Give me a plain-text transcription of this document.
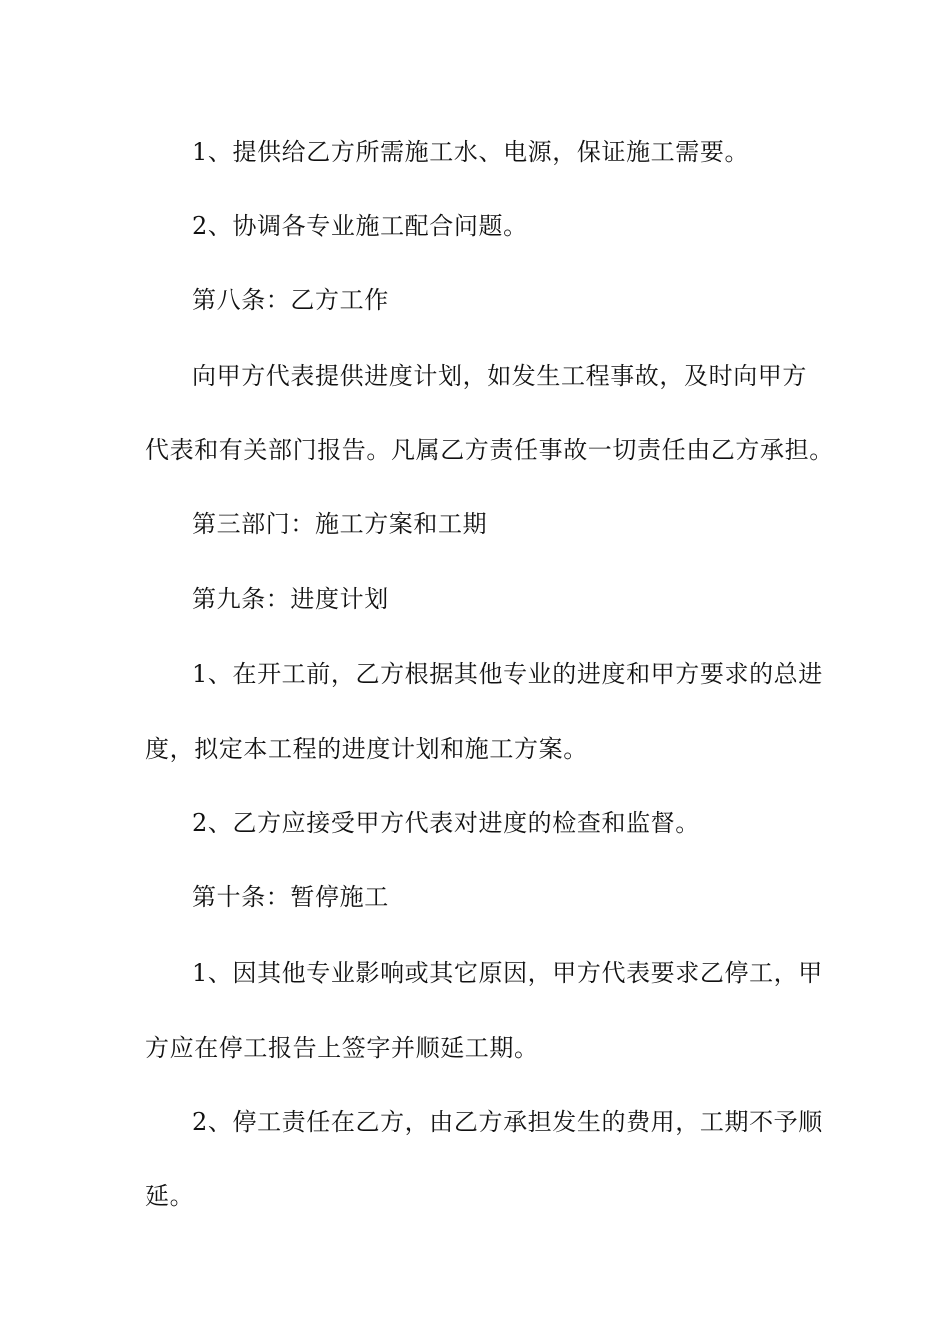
1、提供给乙方所需施工水、电源，保证施工需要。
2、协调各专业施工配合问题。
第八条：乙方工作
向甲方代表提供进度计划，如发生工程事故，及时向甲方
代表和有关部门报告。凡属乙方责任事故一切责任由乙方承担。
第三部门：施工方案和工期
第九条：进度计划
1、在开工前，乙方根据其他专业的进度和甲方要求的总进
度，拟定本工程的进度计划和施工方案。
2、乙方应接受甲方代表对进度的检查和监督。
第十条：暂停施工
1、因其他专业影响或其它原因，甲方代表要求乙停工，甲
方应在停工报告上签字并顺延工期。
2、停工责任在乙方，由乙方承担发生的费用，工期不予顺
延。
